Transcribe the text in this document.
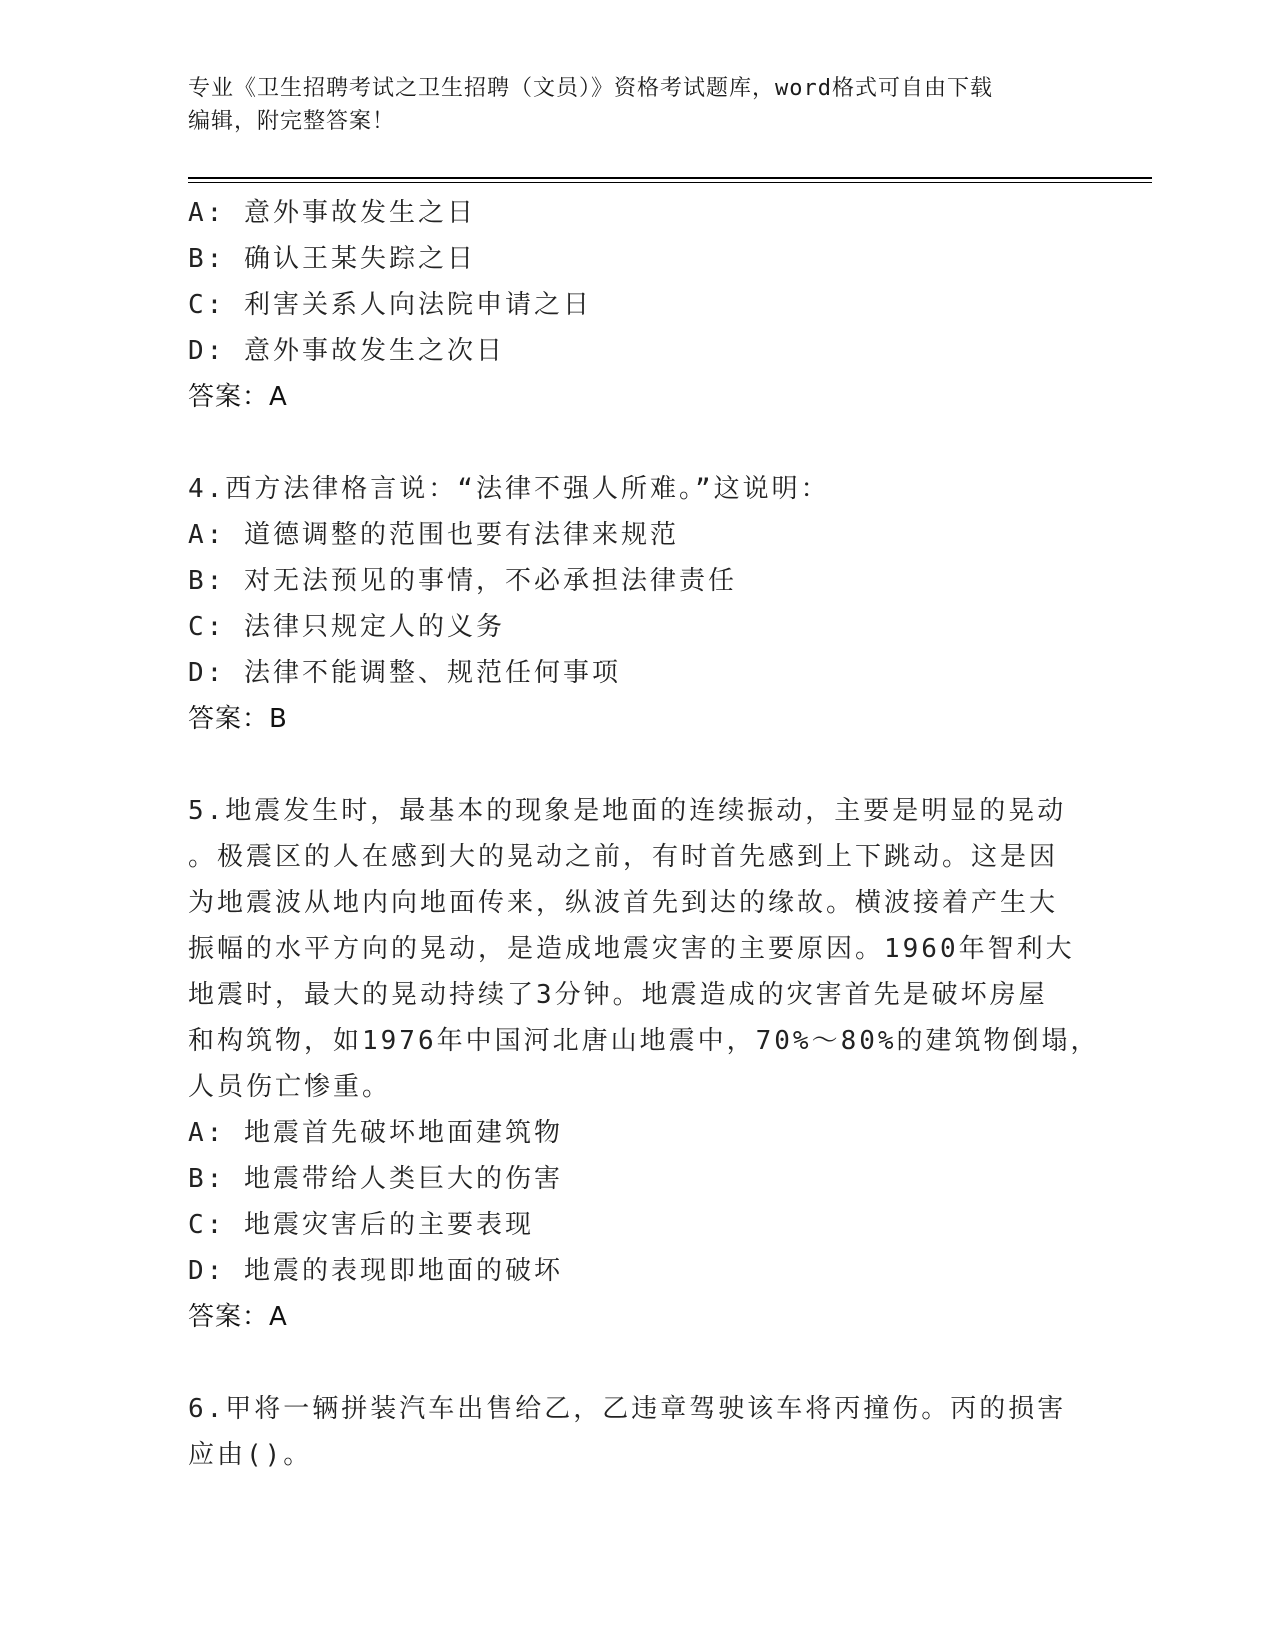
专业《卫生招聘考试之卫生招聘（文员）》资格考试题库，word格式可自由下载
编辑，附完整答案！
A: 意外事故发生之日
B: 确认王某失踪之日
C: 利害关系人向法院申请之日
D: 意外事故发生之次日
答案：A
4.西方法律格言说：“法律不强人所难。”这说明：
A: 道德调整的范围也要有法律来规范
B: 对无法预见的事情，不必承担法律责任
C: 法律只规定人的义务
D: 法律不能调整、规范任何事项
答案：B
5.地震发生时，最基本的现象是地面的连续振动，主要是明显的晃动
。极震区的人在感到大的晃动之前，有时首先感到上下跳动。这是因
为地震波从地内向地面传来，纵波首先到达的缘故。横波接着产生大
振幅的水平方向的晃动，是造成地震灾害的主要原因。1960年智利大
地震时，最大的晃动持续了3分钟。地震造成的灾害首先是破坏房屋
和构筑物，如1976年中国河北唐山地震中，70%～80%的建筑物倒塌，
人员伤亡惨重。
A: 地震首先破坏地面建筑物
B: 地震带给人类巨大的伤害
C: 地震灾害后的主要表现
D: 地震的表现即地面的破坏
答案：A
6.甲将一辆拼装汽车出售给乙，乙违章驾驶该车将丙撞伤。丙的损害
应由()。
